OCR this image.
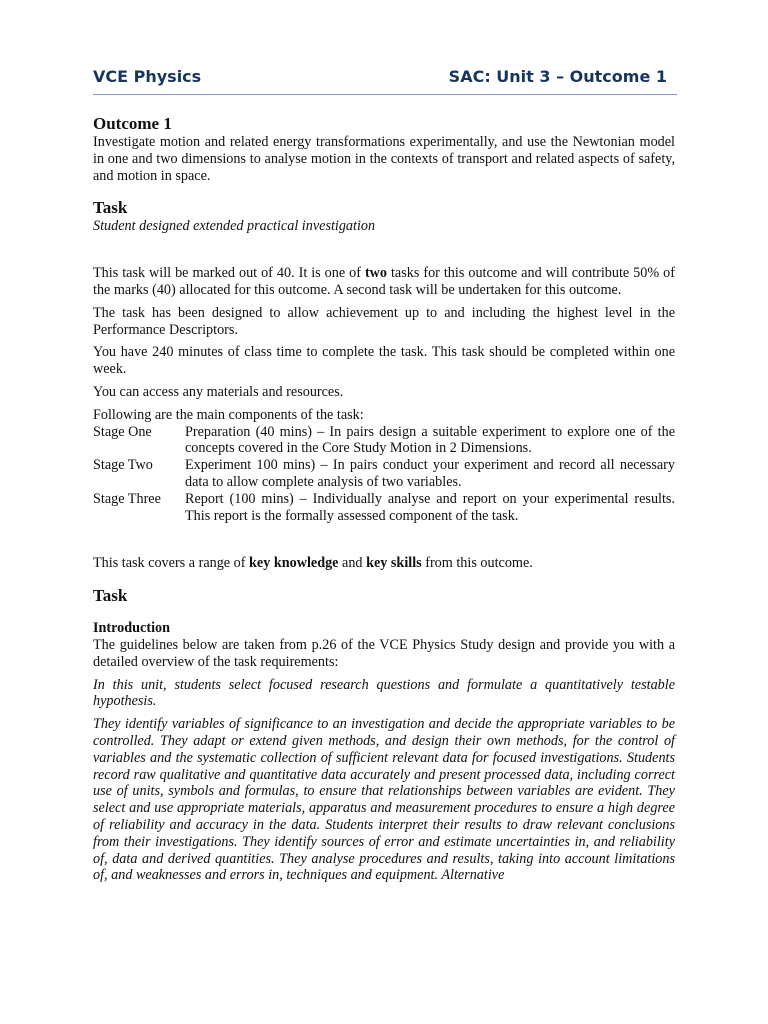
VCE Physics	SAC: Unit 3 – Outcome 1
Outcome 1

Investigate motion and related energy transformations experimentally, and use the Newtonian model in one and two dimensions to analyse motion in the contexts of transport and related aspects of safety, and motion in space.

Task

Student designed extended practical investigation

This task will be marked out of 40. It is one of two tasks for this outcome and will contribute 50% of the marks (40) allocated for this outcome. A second task will be undertaken for this outcome.

The task has been designed to allow achievement up to and including the highest level in the Performance Descriptors.

You have 240 minutes of class time to complete the task. This task should be completed within one week.

You can access any materials and resources.

Following are the main components of the task:

Stage One	Preparation (40 mins) – In pairs design a suitable experiment to explore one of the concepts covered in the Core Study Motion in 2 Dimensions.
Stage Two	Experiment 100 mins) – In pairs conduct your experiment and record all necessary data to allow complete analysis of two variables.
Stage Three	Report (100 mins) – Individually analyse and report on your experimental results. This report is the formally assessed component of the task.

This task covers a range of key knowledge and key skills from this outcome.

Task

Introduction

The guidelines below are taken from p.26 of the VCE Physics Study design and provide you with a detailed overview of the task requirements:

In this unit, students select focused research questions and formulate a quantitatively testable hypothesis.

They identify variables of significance to an investigation and decide the appropriate variables to be controlled. They adapt or extend given methods, and design their own methods, for the control of variables and the systematic collection of sufficient relevant data for focused investigations. Students record raw qualitative and quantitative data accurately and present processed data, including correct use of units, symbols and formulas, to ensure that relationships between variables are evident. They select and use appropriate materials, apparatus and measurement procedures to ensure a high degree of reliability and accuracy in the data. Students interpret their results to draw relevant conclusions from their investigations. They identify sources of error and estimate uncertainties in, and reliability of, data and derived quantities. They analyse procedures and results, taking into account limitations of, and weaknesses and errors in, techniques and equipment. Alternative
